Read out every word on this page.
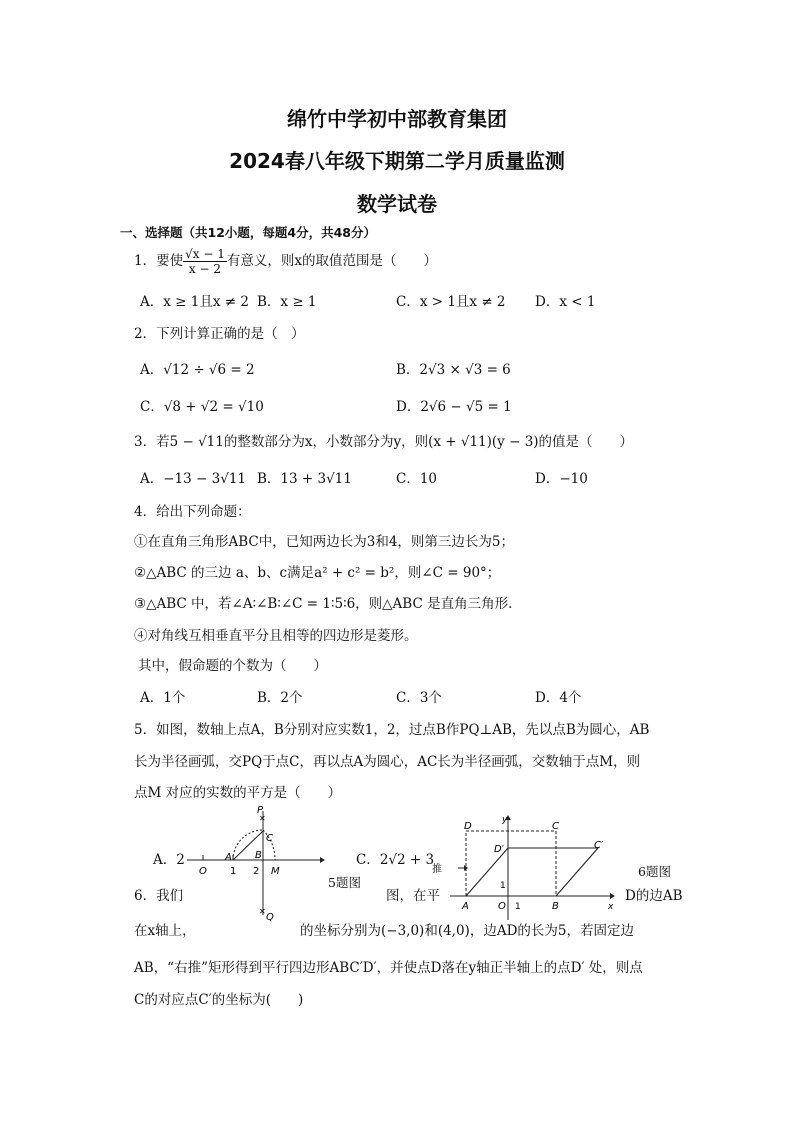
绵竹中学初中部教育集团
2024春八年级下期第二学月质量监测
数学试卷
一、选择题（共12小题，每题4分，共48分）
1．要使 $\frac{√x - 1}{x - 2}$ 有意义，则x的取值范围是（　　）
A．x ≥ 1且x ≠ 2 B．x ≥ 1	C．x > 1且x ≠ 2 D．x < 1
2．下列计算正确的是（　）
A．√12 ÷ √6 = 2	B．2√3 × √3 = 6
C．√8 + √2 = √10	D．2√6 − √5 = 1
3．若5 − √11的整数部分为x，小数部分为y，则(x + √11)(y − 3)的值是（　　）
A．−13 − 3√11 B．13 + 3√11	C．10	D．−10
4．给出下列命题：
①在直角三角形ABC中，已知两边长为3和4，则第三边长为5；
②△ABC 的三边 a、b、c满足a² + c² = b²，则∠C = 90°；
③△ABC 中，若∠A∶∠B∶∠C = 1∶5∶6，则△ABC 是直角三角形.
④对角线互相垂直平分且相等的四边形是菱形。
其中，假命题的个数为（　　）
A．1个	B．2个	C．3个	D．4个
5．如图，数轴上点A，B分别对应实数1，2，过点B作PQ⊥AB，先以点B为圆心，AB
长为半径画弧，交PQ于点C，再以点A为圆心，AC长为半径画弧，交数轴于点M，则
点M 对应的实数的平方是（　　）
A．2	C．2√2 + 3
✕
✕
P
C
A B
M
O 1 2
Q
5题图
y
D	C
D′	C′
推
1
A	O 1	B	x
6题图
6．我们	图，在平	D的边AB
在x轴上，	的坐标分别为(−3,0)和(4,0)，边AD的长为5，若固定边
AB，“右推”矩形得到平行四边形ABC′D′，并使点D落在y轴正半轴上的点D′ 处，则点
C的对应点C′的坐标为(　　)
